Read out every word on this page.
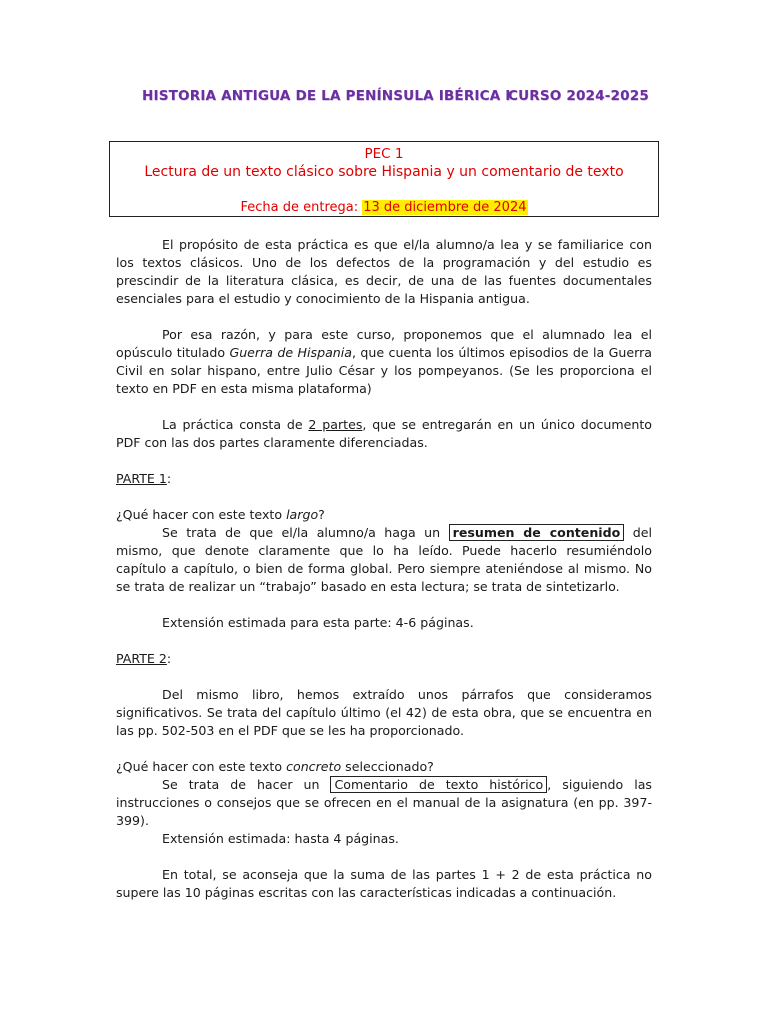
HISTORIA ANTIGUA DE LA PENÍNSULA IBÉRICA I
CURSO 2024-2025
PEC 1
Lectura de un texto clásico sobre Hispania y un comentario de texto
Fecha de entrega: 13 de diciembre de 2024

El propósito de esta práctica es que el/la alumno/a lea y se familiarice con los textos clásicos. Uno de los defectos de la programación y del estudio es prescindir de la literatura clásica, es decir, de una de las fuentes documentales esenciales para el estudio y conocimiento de la Hispania antigua.

Por esa razón, y para este curso, proponemos que el alumnado lea el opúsculo titulado Guerra de Hispania, que cuenta los últimos episodios de la Guerra Civil en solar hispano, entre Julio César y los pompeyanos. (Se les proporciona el texto en PDF en esta misma plataforma)

La práctica consta de 2 partes, que se entregarán en un único documento PDF con las dos partes claramente diferenciadas.

PARTE 1:

¿Qué hacer con este texto largo?

Se trata de que el/la alumno/a haga un resumen de contenido del mismo, que denote claramente que lo ha leído. Puede hacerlo resumiéndolo capítulo a capítulo, o bien de forma global. Pero siempre ateniéndose al mismo. No se trata de realizar un “trabajo” basado en esta lectura; se trata de sintetizarlo.

Extensión estimada para esta parte: 4-6 páginas.

PARTE 2:

Del mismo libro, hemos extraído unos párrafos que consideramos significativos. Se trata del capítulo último (el 42) de esta obra, que se encuentra en las pp. 502-503 en el PDF que se les ha proporcionado.

¿Qué hacer con este texto concreto seleccionado?

Se trata de hacer un Comentario de texto histórico , siguiendo las instrucciones o consejos que se ofrecen en el manual de la asignatura (en pp. 397-399).

Extensión estimada: hasta 4 páginas.

En total, se aconseja que la suma de las partes 1 + 2 de esta práctica no supere las 10 páginas escritas con las características indicadas a continuación.
